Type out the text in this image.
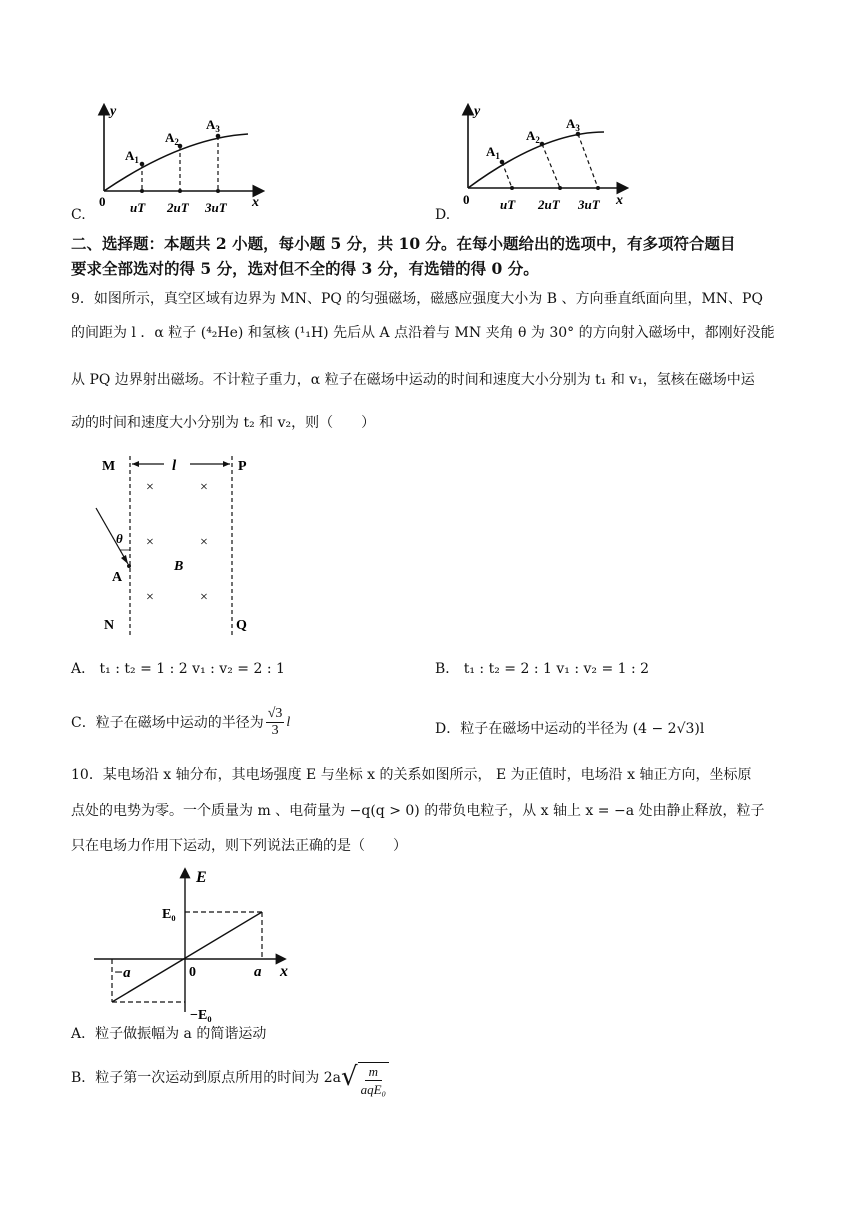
C.
y
x
0
$A_1$
$A_2$
$A_3$
uT 2uT 3uT	D.
y
x
0
$A_1$
$A_2$
$A_3$
uT 2uT 3uT
二、选择题：本题共 2 小题，每小题 5 分，共 10 分。在每小题给出的选项中，有多项符合题目
要求全部选对的得 5 分，选对但不全的得 3 分，有选错的得 0 分。
9．如图所示，真空区域有边界为 MN、PQ 的匀强磁场，磁感应强度大小为 B 、方向垂直纸面向里，MN、PQ
的间距为 l ．α 粒子 (⁴₂He) 和氢核 (¹₁H) 先后从 A 点沿着与 MN 夹角 θ 为 30° 的方向射入磁场中，都刚好没能
从 PQ 边界射出磁场。不计粒子重力，α 粒子在磁场中运动的时间和速度大小分别为 t₁ 和 v₁，氢核在磁场中运
动的时间和速度大小分别为 t₂ 和 v₂，则（　　）
M	P
l
×	×
×	×
×	×
θ
A
B
N	Q
A． t₁ : t₂ = 1 : 2 v₁ : v₂ = 2 : 1	B． t₁ : t₂ = 2 : 1 v₁ : v₂ = 1 : 2
C．粒子在磁场中运动的半径为 $\frac{√3}{3}$ l	D．粒子在磁场中运动的半径为 (4 − 2√3)l
10．某电场沿 x 轴分布，其电场强度 E 与坐标 x 的关系如图所示， E 为正值时，电场沿 x 轴正方向，坐标原
点处的电势为零。一个质量为 m 、电荷量为 −q(q > 0) 的带负电粒子，从 x 轴上 x = −a 处由静止释放，粒子
只在电场力作用下运动，则下列说法正确的是（　　）
E
E₀
−E₀
x
0	a
−a
A．粒子做振幅为 a 的简谐运动
B．粒子第一次运动到原点所用的时间为 2a √ m
aqE₀
